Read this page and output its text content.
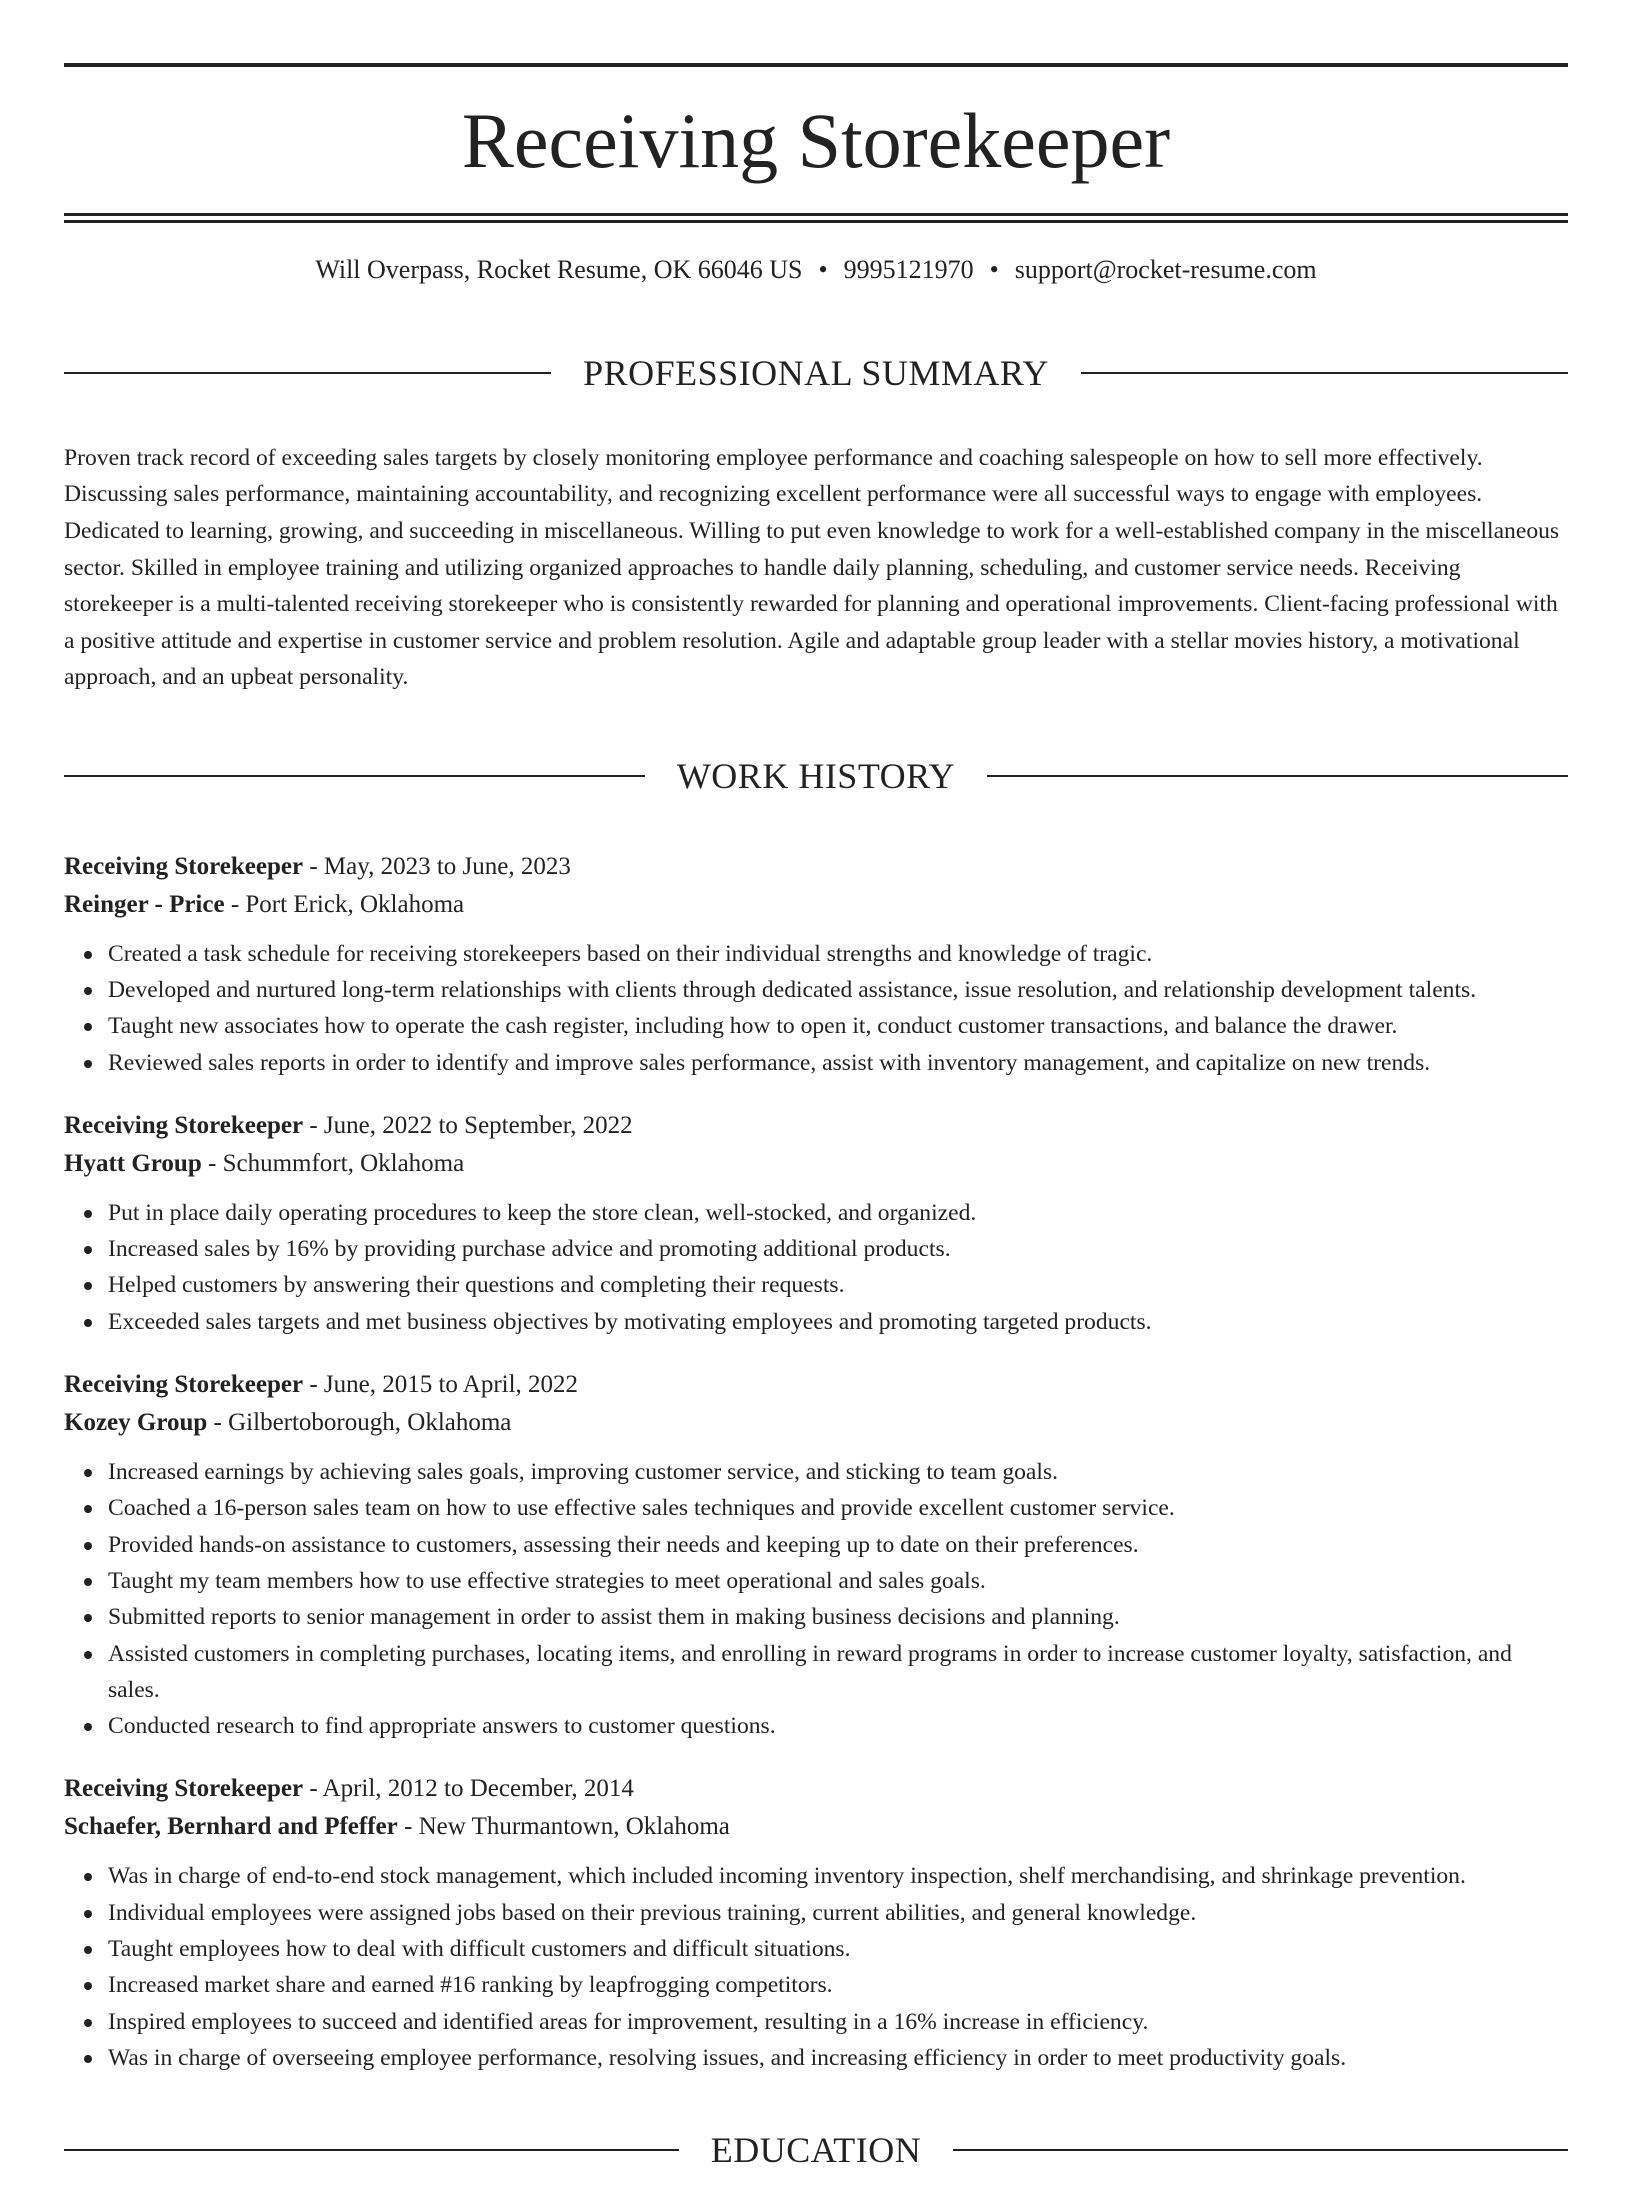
Receiving Storekeeper
Will Overpass, Rocket Resume, OK 66046 US • 9995121970 • support@rocket-resume.com
PROFESSIONAL SUMMARY

Proven track record of exceeding sales targets by closely monitoring employee performance and coaching salespeople on how to sell more effectively. Discussing sales performance, maintaining accountability, and recognizing excellent performance were all successful ways to engage with employees. Dedicated to learning, growing, and succeeding in miscellaneous. Willing to put even knowledge to work for a well-established company in the miscellaneous sector. Skilled in employee training and utilizing organized approaches to handle daily planning, scheduling, and customer service needs. Receiving storekeeper is a multi-talented receiving storekeeper who is consistently rewarded for planning and operational improvements. Client-facing professional with a positive attitude and expertise in customer service and problem resolution. Agile and adaptable group leader with a stellar movies history, a motivational approach, and an upbeat personality.

WORK HISTORY

Receiving Storekeeper - May, 2023 to June, 2023

Reinger - Price - Port Erick, Oklahoma

Created a task schedule for receiving storekeepers based on their individual strengths and knowledge of tragic.
Developed and nurtured long-term relationships with clients through dedicated assistance, issue resolution, and relationship development talents.
Taught new associates how to operate the cash register, including how to open it, conduct customer transactions, and balance the drawer.
Reviewed sales reports in order to identify and improve sales performance, assist with inventory management, and capitalize on new trends.

Receiving Storekeeper - June, 2022 to September, 2022

Hyatt Group - Schummfort, Oklahoma

Put in place daily operating procedures to keep the store clean, well-stocked, and organized.
Increased sales by 16% by providing purchase advice and promoting additional products.
Helped customers by answering their questions and completing their requests.
Exceeded sales targets and met business objectives by motivating employees and promoting targeted products.

Receiving Storekeeper - June, 2015 to April, 2022

Kozey Group - Gilbertoborough, Oklahoma

Increased earnings by achieving sales goals, improving customer service, and sticking to team goals.
Coached a 16-person sales team on how to use effective sales techniques and provide excellent customer service.
Provided hands-on assistance to customers, assessing their needs and keeping up to date on their preferences.
Taught my team members how to use effective strategies to meet operational and sales goals.
Submitted reports to senior management in order to assist them in making business decisions and planning.
Assisted customers in completing purchases, locating items, and enrolling in reward programs in order to increase customer loyalty, satisfaction, and sales.
Conducted research to find appropriate answers to customer questions.

Receiving Storekeeper - April, 2012 to December, 2014

Schaefer, Bernhard and Pfeffer - New Thurmantown, Oklahoma

Was in charge of end-to-end stock management, which included incoming inventory inspection, shelf merchandising, and shrinkage prevention.
Individual employees were assigned jobs based on their previous training, current abilities, and general knowledge.
Taught employees how to deal with difficult customers and difficult situations.
Increased market share and earned #16 ranking by leapfrogging competitors.
Inspired employees to succeed and identified areas for improvement, resulting in a 16% increase in efficiency.
Was in charge of overseeing employee performance, resolving issues, and increasing efficiency in order to meet productivity goals.
EDUCATION
